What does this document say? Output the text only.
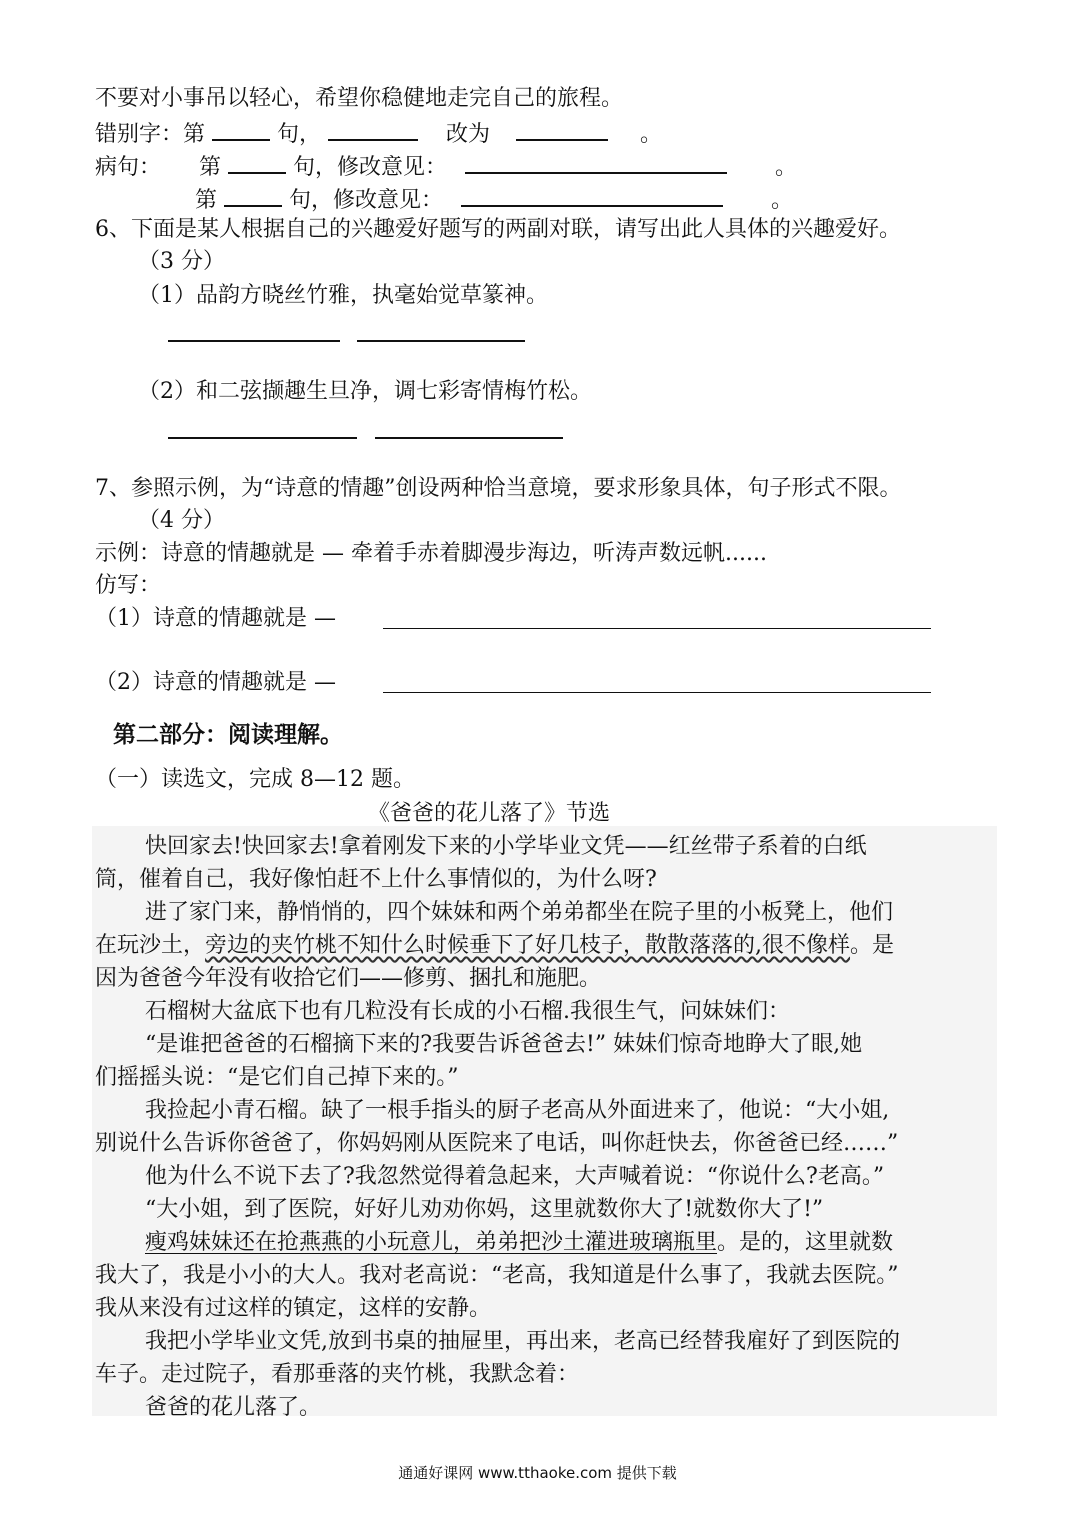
不要对小事吊以轻心，希望你稳健地走完自己的旅程。
错别字：第	句，	改为	。
病句： 第	句，修改意见：	。
第	句，修改意见：	。
6、下面是某人根据自己的兴趣爱好题写的两副对联，请写出此人具体的兴趣爱好。
（3 分）
（1）品韵方晓丝竹雅，执毫始觉草篆神。
（2）和二弦撷趣生旦净，调七彩寄情梅竹松。
7、参照示例，为“诗意的情趣”创设两种恰当意境，要求形象具体，句子形式不限。
（4 分）
示例：诗意的情趣就是 — 牵着手赤着脚漫步海边，听涛声数远帆......
仿写：
（1）诗意的情趣就是 —
（2）诗意的情趣就是 —
第二部分：阅读理解。
（一）读选文，完成 8—12 题。
《爸爸的花儿落了》节选
快回家去!快回家去!拿着刚发下来的小学毕业文凭——红丝带子系着的白纸
筒，催着自己，我好像怕赶不上什么事情似的，为什么呀?
进了家门来，静悄悄的，四个妹妹和两个弟弟都坐在院子里的小板凳上，他们
在玩沙土，旁边的夹竹桃不知什么时候垂下了好几枝子，散散落落的,很不像样。是
因为爸爸今年没有收拾它们——修剪、捆扎和施肥。
石榴树大盆底下也有几粒没有长成的小石榴.我很生气，问妹妹们：
“是谁把爸爸的石榴摘下来的?我要告诉爸爸去!” 妹妹们惊奇地睁大了眼,她
们摇摇头说：“是它们自己掉下来的。”
我捡起小青石榴。缺了一根手指头的厨子老高从外面进来了，他说：“大小姐,
别说什么告诉你爸爸了，你妈妈刚从医院来了电话，叫你赶快去，你爸爸已经……”
他为什么不说下去了?我忽然觉得着急起来，大声喊着说：“你说什么?老高。”
“大小姐，到了医院，好好儿劝劝你妈，这里就数你大了!就数你大了!”
瘦鸡妹妹还在抢燕燕的小玩意儿，弟弟把沙土灌进玻璃瓶里。是的，这里就数
我大了，我是小小的大人。我对老高说：“老高，我知道是什么事了，我就去医院。”
我从来没有过这样的镇定，这样的安静。
我把小学毕业文凭,放到书桌的抽屉里，再出来，老高已经替我雇好了到医院的
车子。走过院子，看那垂落的夹竹桃，我默念着：
爸爸的花儿落了。
通通好课网 www.tthaoke.com 提供下载
